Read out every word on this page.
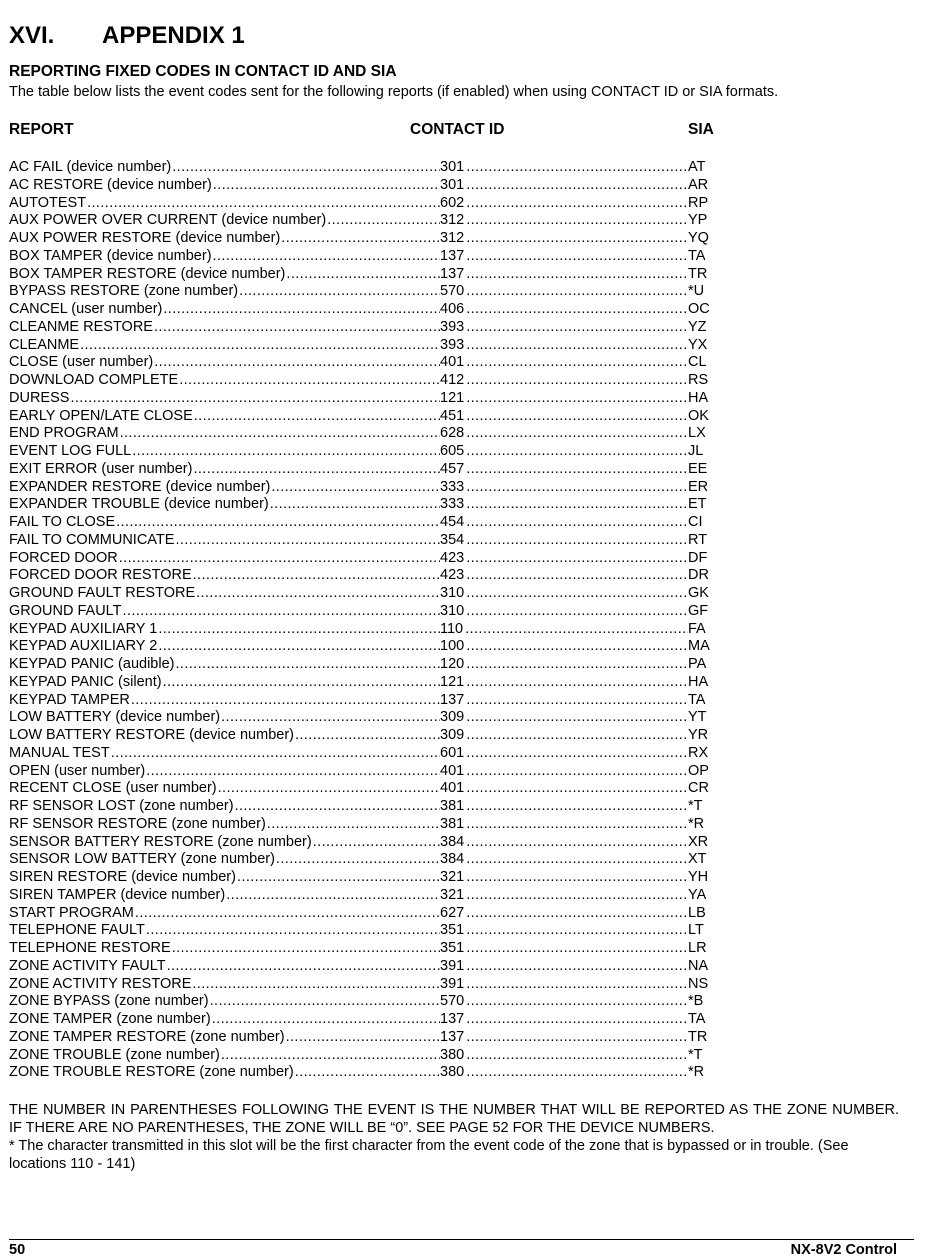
XVI. APPENDIX 1
REPORTING FIXED CODES IN CONTACT ID AND SIA
The table below lists the event codes sent for the following reports (if enabled) when using CONTACT ID or SIA formats.
REPORT	CONTACT ID	SIA
AC FAIL (device number) .....	301 .....	AT
AC RESTORE (device number) .....	301 .....	AR
AUTOTEST .....	602 .....	RP
AUX POWER OVER CURRENT (device number) .....	312 .....	YP
AUX POWER RESTORE (device number) .....	312 .....	YQ
BOX TAMPER (device number) .....	137 .....	TA
BOX TAMPER RESTORE (device number) .....	137 .....	TR
BYPASS RESTORE (zone number) .....	570 .....	*U
CANCEL (user number) .....	406 .....	OC
CLEANME RESTORE .....	393 .....	YZ
CLEANME .....	393 .....	YX
CLOSE (user number) .....	401 .....	CL
DOWNLOAD COMPLETE .....	412 .....	RS
DURESS .....	121 .....	HA
EARLY OPEN/LATE CLOSE .....	451 .....	OK
END PROGRAM .....	628 .....	LX
EVENT LOG FULL .....	605 .....	JL
EXIT ERROR (user number) .....	457 .....	EE
EXPANDER RESTORE (device number) .....	333 .....	ER
EXPANDER TROUBLE (device number) .....	333 .....	ET
FAIL TO CLOSE .....	454 .....	CI
FAIL TO COMMUNICATE .....	354 .....	RT
FORCED DOOR .....	423 .....	DF
FORCED DOOR RESTORE .....	423 .....	DR
GROUND FAULT RESTORE .....	310 .....	GK
GROUND FAULT .....	310 .....	GF
KEYPAD AUXILIARY 1 .....	110 .....	FA
KEYPAD AUXILIARY 2 .....	100 .....	MA
KEYPAD PANIC (audible) .....	120 .....	PA
KEYPAD PANIC (silent) .....	121 .....	HA
KEYPAD TAMPER .....	137 .....	TA
LOW BATTERY (device number) .....	309 .....	YT
LOW BATTERY RESTORE (device number) .....	309 .....	YR
MANUAL TEST .....	601 .....	RX
OPEN (user number) .....	401 .....	OP
RECENT CLOSE (user number) .....	401 .....	CR
RF SENSOR LOST (zone number) .....	381 .....	*T
RF SENSOR RESTORE (zone number) .....	381 .....	*R
SENSOR BATTERY RESTORE (zone number) .....	384 .....	XR
SENSOR LOW BATTERY (zone number) .....	384 .....	XT
SIREN RESTORE (device number) .....	321 .....	YH
SIREN TAMPER (device number) .....	321 .....	YA
START PROGRAM .....	627 .....	LB
TELEPHONE FAULT .....	351 .....	LT
TELEPHONE RESTORE .....	351 .....	LR
ZONE ACTIVITY FAULT .....	391 .....	NA
ZONE ACTIVITY RESTORE .....	391 .....	NS
ZONE BYPASS (zone number) .....	570 .....	*B
ZONE TAMPER (zone number) .....	137 .....	TA
ZONE TAMPER RESTORE (zone number) .....	137 .....	TR
ZONE TROUBLE (zone number) .....	380 .....	*T
ZONE TROUBLE RESTORE (zone number) .....	380 .....	*R

THE NUMBER IN PARENTHESES FOLLOWING THE EVENT IS THE NUMBER THAT WILL BE REPORTED AS THE ZONE NUMBER. IF THERE ARE NO PARENTHESES, THE ZONE WILL BE “0”. SEE PAGE 52 FOR THE DEVICE NUMBERS.

* The character transmitted in this slot will be the first character from the event code of the zone that is bypassed or in trouble. (See locations 110 - 141)

50	NX-8V2 Control
